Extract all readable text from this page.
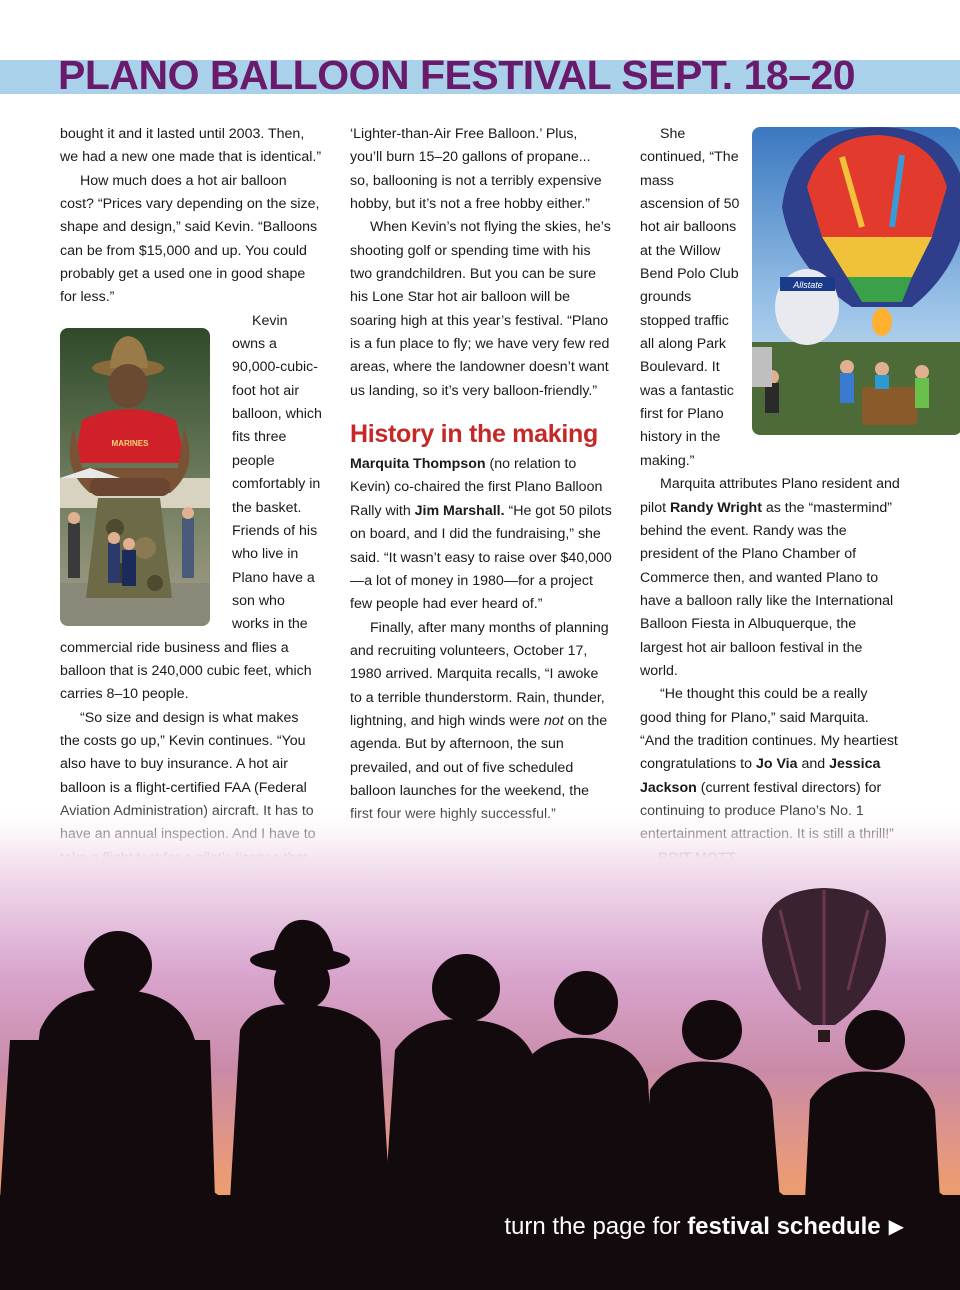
PLANO BALLOON FESTIVAL SEPT. 18–20

bought it and it lasted until 2003. Then, we had a new one made that is identical.”

How much does a hot air balloon cost? “Prices vary depending on the size, shape and design,” said Kevin. “Balloons can be from $15,000 and up. You could probably get a used one in good shape for less.”

MARINES
Kevin owns a 90,000-cubic-foot hot air balloon, which fits three people comfortably in the basket. Friends of his who live in Plano have a son who works in the commercial ride business and flies a balloon that is 240,000 cubic feet, which carries 8–10 people.

“So size and design is what makes the costs go up,” Kevin continues. “You also have to buy insurance. A hot air balloon is a flight-certified FAA (Federal

‘Lighter-than-Air Free Balloon.’ Plus, you’ll burn 15–20 gallons of propane... so, ballooning is not a terribly expensive hobby, but it’s not a free hobby either.”

When Kevin’s not flying the skies, he’s shooting golf or spending time with his two grandchildren. But you can be sure his Lone Star hot air balloon will be soaring high at this year’s festival. “Plano is a fun place to fly; we have very few red areas, where the landowner doesn’t want us landing, so it’s very balloon-friendly.”

History in the making

Marquita Thompson (no relation to Kevin) co-chaired the first Plano Balloon Rally with Jim Marshall. “He got 50 pilots on board, and I did the fundraising,” she said. “It wasn’t easy to raise over $40,000—a lot of money in 1980—for a project few people had ever heard of.”

Finally, after many months of planning and recruiting volunteers, October 17, 1980 arrived. Marquita recalls, “I awoke to a terrible thunderstorm. Rain, thunder, lightning, and high winds were not on the agenda. But by afternoon, the sun prevailed, and out of five scheduled balloon launches for the weekend, the

Allstate
She continued, “The mass ascension of 50 hot air balloons at the Willow Bend Polo Club grounds stopped traffic all along Park Boulevard. It was a fantastic first for Plano history in the making.”

Marquita attributes Plano resident and pilot Randy Wright as the “mastermind” behind the event. Randy was the president of the Plano Chamber of Commerce then, and wanted Plano to have a balloon rally like the International Balloon Fiesta in Albuquerque, the largest hot air balloon festival in the world.

“He thought this could be a really good thing for Plano,” said Marquita. “And the tradition continues. My heartiest congratulations to Jo Via and Jessica Jackson (current festival directors) for

turn the page for festival schedule ▶
